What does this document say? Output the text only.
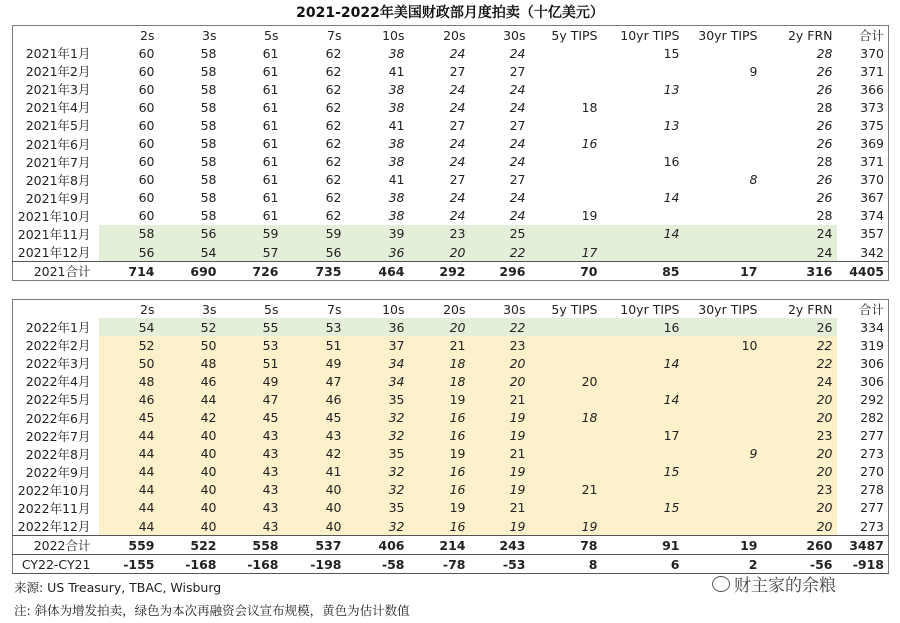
2021-2022年美国财政部月度拍卖（十亿美元）
	2s	3s	5s	7s	10s	20s	30s	5y TIPS	10yr TIPS	30yr TIPS	2y FRN	合计
2021年1月	60	58	61	62	38	24	24		15		28	370
2021年2月	60	58	61	62	41	27	27			9	26	371
2021年3月	60	58	61	62	38	24	24		13		26	366
2021年4月	60	58	61	62	38	24	24	18			28	373
2021年5月	60	58	61	62	41	27	27		13		26	375
2021年6月	60	58	61	62	38	24	24	16			26	369
2021年7月	60	58	61	62	38	24	24		16		28	371
2021年8月	60	58	61	62	41	27	27			8	26	370
2021年9月	60	58	61	62	38	24	24		14		26	367
2021年10月	60	58	61	62	38	24	24	19			28	374
2021年11月	58	56	59	59	39	23	25		14		24	357
2021年12月	56	54	57	56	36	20	22	17			24	342
2021合计	714	690	726	735	464	292	296	70	85	17	316	4405
	2s	3s	5s	7s	10s	20s	30s	5y TIPS	10yr TIPS	30yr TIPS	2y FRN	合计
2022年1月	54	52	55	53	36	20	22		16		26	334
2022年2月	52	50	53	51	37	21	23			10	22	319
2022年3月	50	48	51	49	34	18	20		14		22	306
2022年4月	48	46	49	47	34	18	20	20			24	306
2022年5月	46	44	47	46	35	19	21		14		20	292
2022年6月	45	42	45	45	32	16	19	18			20	282
2022年7月	44	40	43	43	32	16	19		17		23	277
2022年8月	44	40	43	42	35	19	21			9	20	273
2022年9月	44	40	43	41	32	16	19		15		20	270
2022年10月	44	40	43	40	32	16	19	21			23	278
2022年11月	44	40	43	40	35	19	21		15		20	277
2022年12月	44	40	43	40	32	16	19	19			20	273
2022合计	559	522	558	537	406	214	243	78	91	19	260	3487
CY22-CY21	-155	-168	-168	-198	-58	-78	-53	8	6	2	-56	-918
来源: US Treasury, TBAC, Wisburg
注: 斜体为增发拍卖，绿色为本次再融资会议宣布规模，黄色为估计数值
财主家的余粮
